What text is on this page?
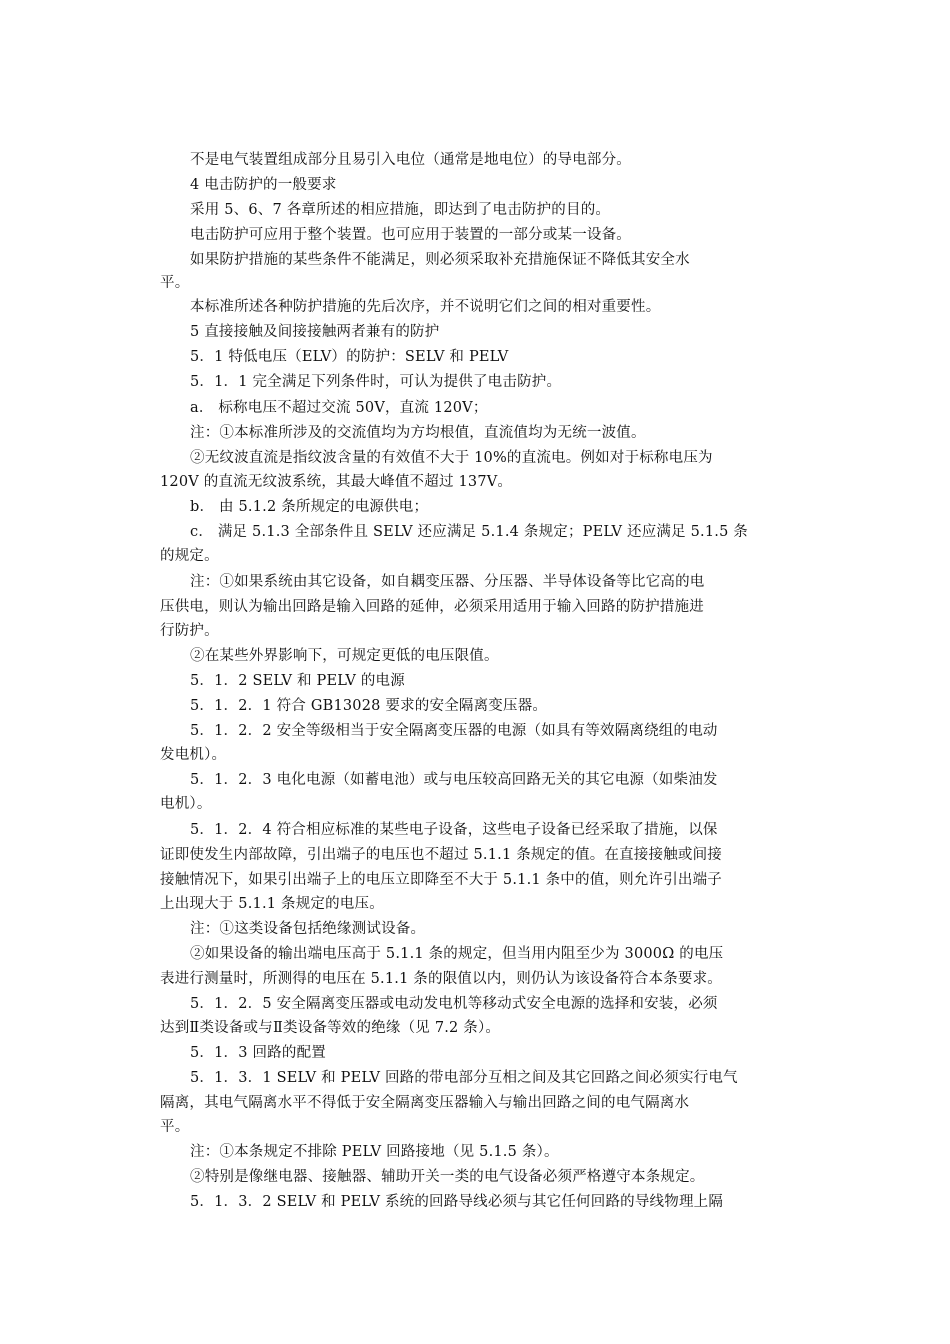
不是电气装置组成部分且易引入电位（通常是地电位）的导电部分。
4 电击防护的一般要求
采用 5、6、7 各章所述的相应措施，即达到了电击防护的目的。
电击防护可应用于整个装置。也可应用于装置的一部分或某一设备。
如果防护措施的某些条件不能满足，则必须采取补充措施保证不降低其安全水
平。
本标准所述各种防护措施的先后次序，并不说明它们之间的相对重要性。
5 直接接触及间接接触两者兼有的防护
5．1 特低电压（ELV）的防护：SELV 和 PELV
5．1．1 完全满足下列条件时，可认为提供了电击防护。
a． 标称电压不超过交流 50V，直流 120V；
注：①本标准所涉及的交流值均为方均根值，直流值均为无统一波值。
②无纹波直流是指纹波含量的有效值不大于 10%的直流电。例如对于标称电压为
120V 的直流无纹波系统，其最大峰值不超过 137V。
b． 由 5.1.2 条所规定的电源供电；
c． 满足 5.1.3 全部条件且 SELV 还应满足 5.1.4 条规定；PELV 还应满足 5.1.5 条
的规定。
注：①如果系统由其它设备，如自耦变压器、分压器、半导体设备等比它高的电
压供电，则认为输出回路是输入回路的延伸，必须采用适用于输入回路的防护措施进
行防护。
②在某些外界影响下，可规定更低的电压限值。
5．1．2 SELV 和 PELV 的电源
5．1．2．1 符合 GB13028 要求的安全隔离变压器。
5．1．2．2 安全等级相当于安全隔离变压器的电源（如具有等效隔离绕组的电动
发电机）。
5．1．2．3 电化电源（如蓄电池）或与电压较高回路无关的其它电源（如柴油发
电机）。
5．1．2．4 符合相应标准的某些电子设备，这些电子设备已经采取了措施，以保
证即使发生内部故障，引出端子的电压也不超过 5.1.1 条规定的值。在直接接触或间接
接触情况下，如果引出端子上的电压立即降至不大于 5.1.1 条中的值，则允许引出端子
上出现大于 5.1.1 条规定的电压。
注：①这类设备包括绝缘测试设备。
②如果设备的输出端电压高于 5.1.1 条的规定，但当用内阻至少为 3000Ω 的电压
表进行测量时，所测得的电压在 5.1.1 条的限值以内，则仍认为该设备符合本条要求。
5．1．2．5 安全隔离变压器或电动发电机等移动式安全电源的选择和安装，必须
达到Ⅱ类设备或与Ⅱ类设备等效的绝缘（见 7.2 条）。
5．1．3 回路的配置
5．1．3．1 SELV 和 PELV 回路的带电部分互相之间及其它回路之间必须实行电气
隔离，其电气隔离水平不得低于安全隔离变压器输入与输出回路之间的电气隔离水
平。
注：①本条规定不排除 PELV 回路接地（见 5.1.5 条）。
②特别是像继电器、接触器、辅助开关一类的电气设备必须严格遵守本条规定。
5．1．3．2 SELV 和 PELV 系统的回路导线必须与其它任何回路的导线物理上隔
